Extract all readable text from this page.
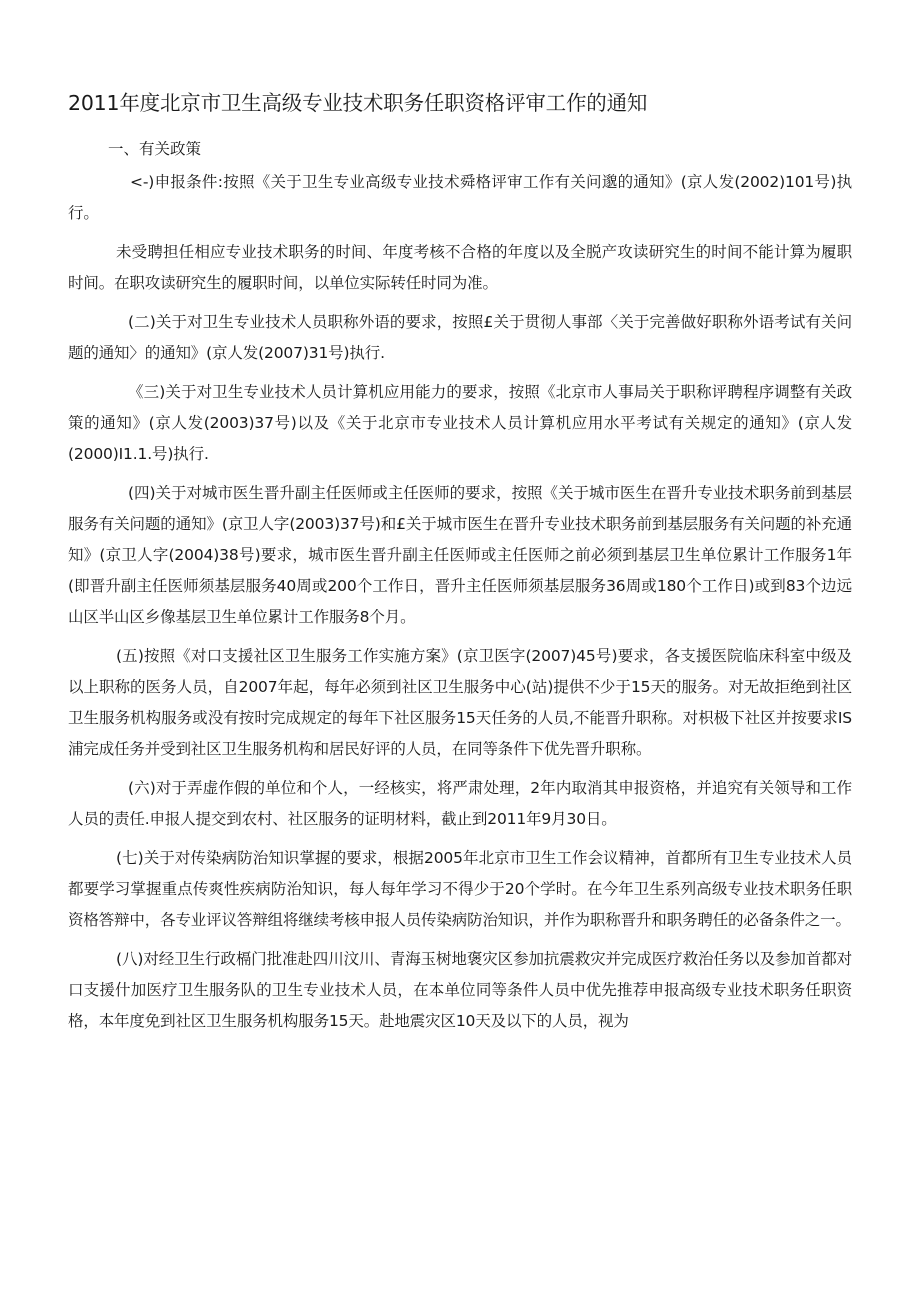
2011年度北京市卫生高级专业技术职务任职资格评审工作的通知
一、有关政策

<-)申报条件:按照《关于卫生专业高级专业技术舜格评审工作有关问邈的通知》(京人发(2002)101号)执行。

未受聘担任相应专业技术职务的时间、年度考核不合格的年度以及全脱产攻读研究生的时间不能计算为履职时间。在职攻读研究生的履职时间，以单位实际转任时同为准。

(二)关于对卫生专业技术人员职称外语的要求，按照£关于贯彻人事部〈关于完善做好职称外语考试有关问题的通知〉的通知》(京人发(2007)31号)执行.

《三)关于对卫生专业技术人员计算机应用能力的要求，按照《北京市人事局关于职称评聘程序调整有关政策的通知》(京人发(2003)37号)以及《关于北京市专业技术人员计算机应用水平考试有关规定的通知》(京人发(2000)I1.1.号)执行.

(四)关于对城市医生晋升副主任医师或主任医师的要求，按照《关于城市医生在晋升专业技术职务前到基层服务有关问题的通知》(京卫人字(2003)37号)和£关于城市医生在晋升专业技术职务前到基层服务有关问题的补充通知》(京卫人字(2004)38号)要求，城市医生晋升副主任医师或主任医师之前必须到基层卫生单位累计工作服务1年(即晋升副主任医师须基层服务40周或200个工作日，晋升主任医师须基层服务36周或180个工作日)或到83个边远山区半山区乡像基层卫生单位累计工作服务8个月。

(五)按照《对口支援社区卫生服务工作实施方案》(京卫医字(2007)45号)要求，各支援医院临床科室中级及以上职称的医务人员，自2007年起，每年必须到社区卫生服务中心(站)提供不少于15天的服务。对无故拒绝到社区卫生服务机构服务或没有按时完成规定的每年下社区服务15天任务的人员,不能晋升职称。对枳极下社区并按要求IS浦完成任务并受到社区卫生服务机构和居民好评的人员，在同等条件下优先晋升职称。

(六)对于弄虚作假的单位和个人，一经核实，将严肃处理，2年内取消其申报资格，并追究有关领导和工作人员的责任.申报人提交到农村、社区服务的证明材料，截止到2011年9月30日。

(七)关于对传染病防治知识掌握的要求，根据2005年北京市卫生工作会议精神，首都所有卫生专业技术人员都要学习掌握重点传爽性疾病防治知识，每人每年学习不得少于20个学时。在今年卫生系列高级专业技术职务任职资格答辩中，各专业评议答辩组将继续考核申报人员传染病防治知识，并作为职称晋升和职务聘任的必备条件之一。

(八)对经卫生行政槅门批准赴四川汶川、青海玉树地褒灾区参加抗震救灾并完成医疗救治任务以及参加首都对口支援什加医疗卫生服务队的卫生专业技术人员，在本单位同等条件人员中优先推荐申报高级专业技术职务任职资格，本年度免到社区卫生服务机构服务15天。赴地震灾区10天及以下的人员，视为
